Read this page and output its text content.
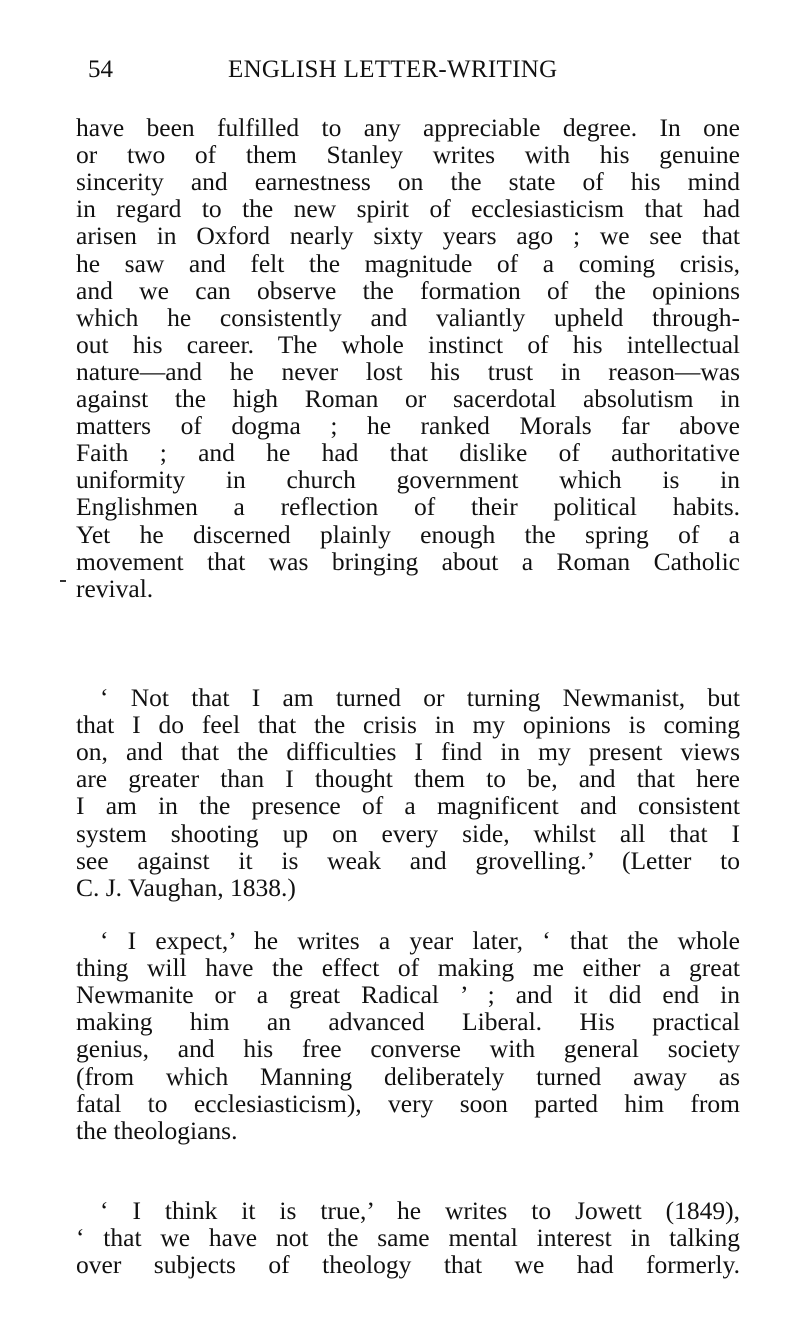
54	ENGLISH LETTER-WRITING
have been fulfilled to any appreciable degree. In one
or two of them Stanley writes with his genuine
sincerity and earnestness on the state of his mind
in regard to the new spirit of ecclesiasticism that had
arisen in Oxford nearly sixty years ago ; we see that
he saw and felt the magnitude of a coming crisis,
and we can observe the formation of the opinions
which he consistently and valiantly upheld through-
out his career. The whole instinct of his intellectual
nature—and he never lost his trust in reason—was
against the high Roman or sacerdotal absolutism in
matters of dogma ; he ranked Morals far above
Faith ; and he had that dislike of authoritative
uniformity in church government which is in
Englishmen a reflection of their political habits.
Yet he discerned plainly enough the spring of a
movement that was bringing about a Roman Catholic
revival.
‘ Not that I am turned or turning Newmanist, but
that I do feel that the crisis in my opinions is coming
on, and that the difficulties I find in my present views
are greater than I thought them to be, and that here
I am in the presence of a magnificent and consistent
system shooting up on every side, whilst all that I
see against it is weak and grovelling.’ (Letter to
C. J. Vaughan, 1838.)
‘ I expect,’ he writes a year later, ‘ that the whole
thing will have the effect of making me either a great
Newmanite or a great Radical ’ ; and it did end in
making him an advanced Liberal. His practical
genius, and his free converse with general society
(from which Manning deliberately turned away as
fatal to ecclesiasticism), very soon parted him from
the theologians.
‘ I think it is true,’ he writes to Jowett (1849),
‘ that we have not the same mental interest in talking
over subjects of theology that we had formerly.
